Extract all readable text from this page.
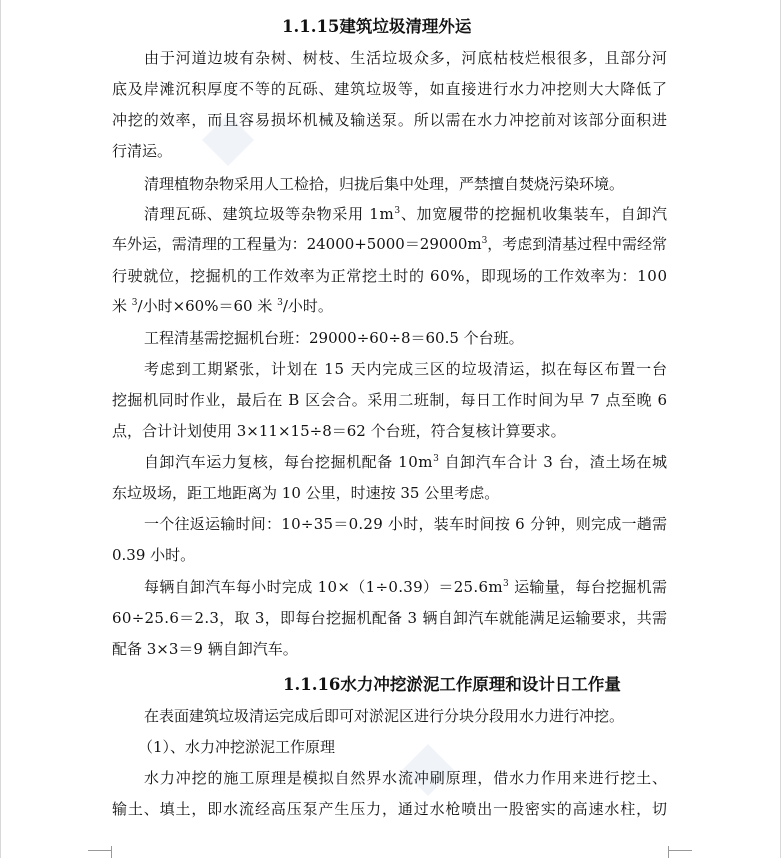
1.1.15建筑垃圾清理外运
由于河道边坡有杂树、树枝、生活垃圾众多，河底枯枝烂根很多，且部分河
底及岸滩沉积厚度不等的瓦砾、建筑垃圾等，如直接进行水力冲挖则大大降低了
冲挖的效率，而且容易损坏机械及输送泵。所以需在水力冲挖前对该部分面积进
行清运。
清理植物杂物采用人工检拾，归拢后集中处理，严禁擅自焚烧污染环境。
清理瓦砾、建筑垃圾等杂物采用 $1m^3$、加宽履带的挖掘机收集装车，自卸汽
车外运，需清理的工程量为：$24000+5000=29000m^3$，考虑到清基过程中需经常
行驶就位，挖掘机的工作效率为正常挖土时的 60%，即现场的工作效率为：100
米 $^3$/小时×60%＝60 米 $^3$/小时。
工程清基需挖掘机台班：29000÷60÷8＝60.5 个台班。
考虑到工期紧张，计划在 15 天内完成三区的垃圾清运，拟在每区布置一台
挖掘机同时作业，最后在 B 区会合。采用二班制，每日工作时间为早 7 点至晚 6
点，合计计划使用 3×11×15÷8＝62 个台班，符合复核计算要求。
自卸汽车运力复核，每台挖掘机配备 $10m^3$ 自卸汽车合计 3 台，渣土场在城
东垃圾场，距工地距离为 10 公里，时速按 35 公里考虑。
一个往返运输时间：10÷35＝0.29 小时，装车时间按 6 分钟，则完成一趟需
0.39 小时。
每辆自卸汽车每小时完成 $10\times(1\div 0.39)=25.6m^3$ 运输量，每台挖掘机需
60÷25.6＝2.3，取 3，即每台挖掘机配备 3 辆自卸汽车就能满足运输要求，共需
配备 3×3＝9 辆自卸汽车。
1.1.16水力冲挖淤泥工作原理和设计日工作量
在表面建筑垃圾清运完成后即可对淤泥区进行分块分段用水力进行冲挖。
（1）、水力冲挖淤泥工作原理
水力冲挖的施工原理是模拟自然界水流冲刷原理，借水力作用来进行挖土、
输土、填土，即水流经高压泵产生压力，通过水枪喷出一股密实的高速水柱，切
